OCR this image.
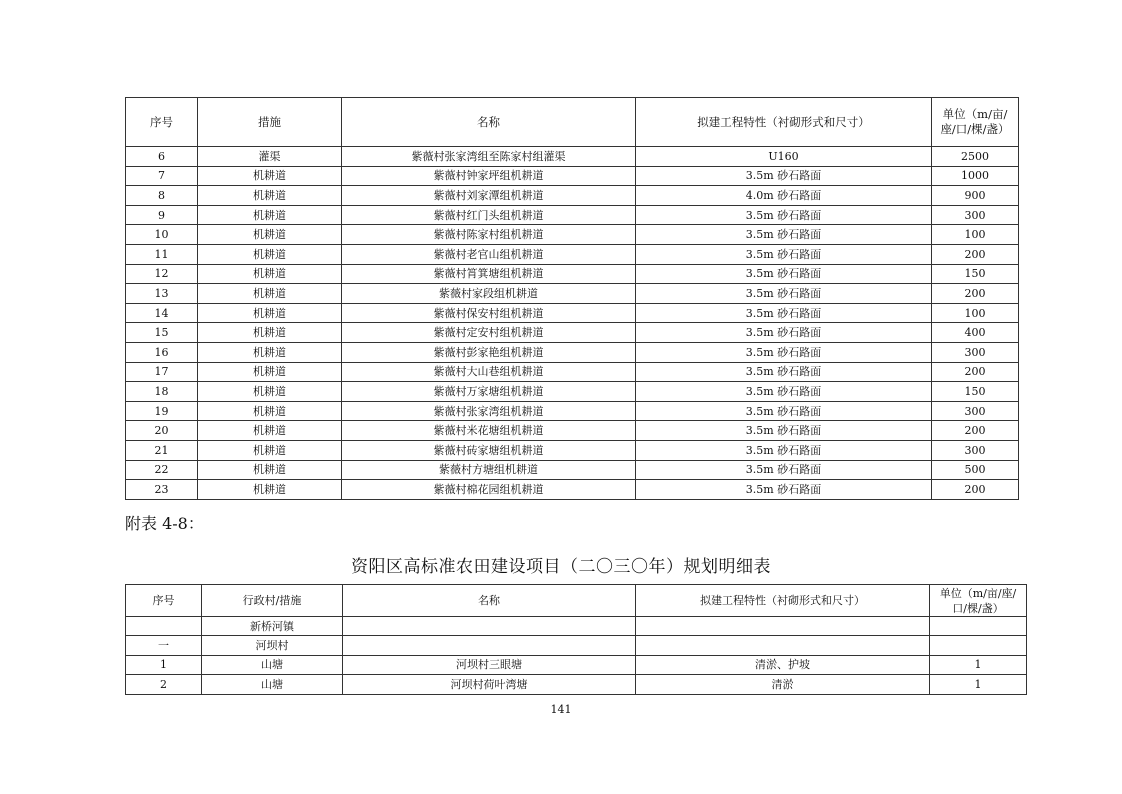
序号	措施	名称	拟建工程特性（衬砌形式和尺寸）	单位（m/亩/座/口/棵/盏）
6	灌渠	紫薇村张家湾组至陈家村组灌渠	U160	2500
7	机耕道	紫薇村钟家坪组机耕道	3.5m 砂石路面	1000
8	机耕道	紫薇村刘家潭组机耕道	4.0m 砂石路面	900
9	机耕道	紫薇村红门头组机耕道	3.5m 砂石路面	300
10	机耕道	紫薇村陈家村组机耕道	3.5m 砂石路面	100
11	机耕道	紫薇村老官山组机耕道	3.5m 砂石路面	200
12	机耕道	紫薇村筲箕塘组机耕道	3.5m 砂石路面	150
13	机耕道	紫薇村家段组机耕道	3.5m 砂石路面	200
14	机耕道	紫薇村保安村组机耕道	3.5m 砂石路面	100
15	机耕道	紫薇村定安村组机耕道	3.5m 砂石路面	400
16	机耕道	紫薇村彭家艳组机耕道	3.5m 砂石路面	300
17	机耕道	紫薇村大山巷组机耕道	3.5m 砂石路面	200
18	机耕道	紫薇村万家塘组机耕道	3.5m 砂石路面	150
19	机耕道	紫薇村张家湾组机耕道	3.5m 砂石路面	300
20	机耕道	紫薇村米花塘组机耕道	3.5m 砂石路面	200
21	机耕道	紫薇村砖家塘组机耕道	3.5m 砂石路面	300
22	机耕道	紫薇村方塘组机耕道	3.5m 砂石路面	500
23	机耕道	紫薇村棉花园组机耕道	3.5m 砂石路面	200
附表 4-8：
资阳区高标准农田建设项目（二〇三〇年）规划明细表
序号	行政村/措施	名称	拟建工程特性（衬砌形式和尺寸）	单位（m/亩/座/口/棵/盏）
	新桥河镇			
一	河坝村			
1	山塘	河坝村三眼塘	清淤、护坡	1
2	山塘	河坝村荷叶湾塘	清淤	1
141
